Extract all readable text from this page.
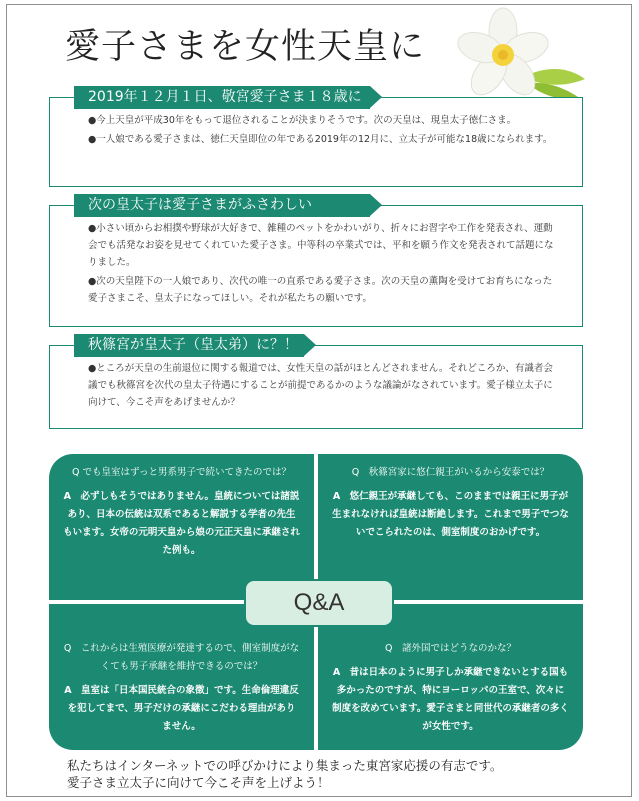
愛子さまを女性天皇に
2019年１２月１日、敬宮愛子さま１８歳に

●今上天皇が平成30年をもって退位されることが決まりそうです。次の天皇は、現皇太子徳仁さま。

●一人娘である愛子さまは、徳仁天皇即位の年である2019年の12月に、立太子が可能な18歳になられます。

次の皇太子は愛子さまがふさわしい

●小さい頃からお相撲や野球が大好きで、雑種のペットをかわいがり、折々にお習字や工作を発表され、運動会でも活発なお姿を見せてくれていた愛子さま。中等科の卒業式では、平和を願う作文を発表されて話題になりました。

●次の天皇陛下の一人娘であり、次代の唯一の直系である愛子さま。次の天皇の薫陶を受けてお育ちになった愛子さまこそ、皇太子になってほしい。それが私たちの願いです。

秋篠宮が皇太子（皇太弟）に？！

●ところが天皇の生前退位に関する報道では、女性天皇の話がほとんどされません。それどころか、有識者会議でも秋篠宮を次代の皇太子待遇にすることが前提であるかのような議論がなされています。愛子様立太子に向けて、今こそ声をあげませんか？

Q でも皇室はずっと男系男子で続いてきたのでは？

A　必ずしもそうではありません。皇統については諸説あり、日本の伝統は双系であると解説する学者の先生もいます。女帝の元明天皇から娘の元正天皇に承継された例も。

Q　秋篠宮家に悠仁親王がいるから安泰では？

A　悠仁親王が承継しても、このままでは親王に男子が生まれなければ皇統は断絶します。これまで男子でつないでこられたのは、側室制度のおかげです。

Q　これからは生殖医療が発達するので、側室制度がなくても男子承継を維持できるのでは？

A　皇室は「日本国民統合の象徴」です。生命倫理違反を犯してまで、男子だけの承継にこだわる理由がありません。

Q　諸外国ではどうなのかな？

A　昔は日本のように男子しか承継できないとする国も多かったのですが、特にヨーロッパの王室で、次々に制度を改めています。愛子さまと同世代の承継者の多くが女性です。

Q&A
私たちはインターネットでの呼びかけにより集まった東宮家応援の有志です。
愛子さま立太子に向けて今こそ声を上げよう！
